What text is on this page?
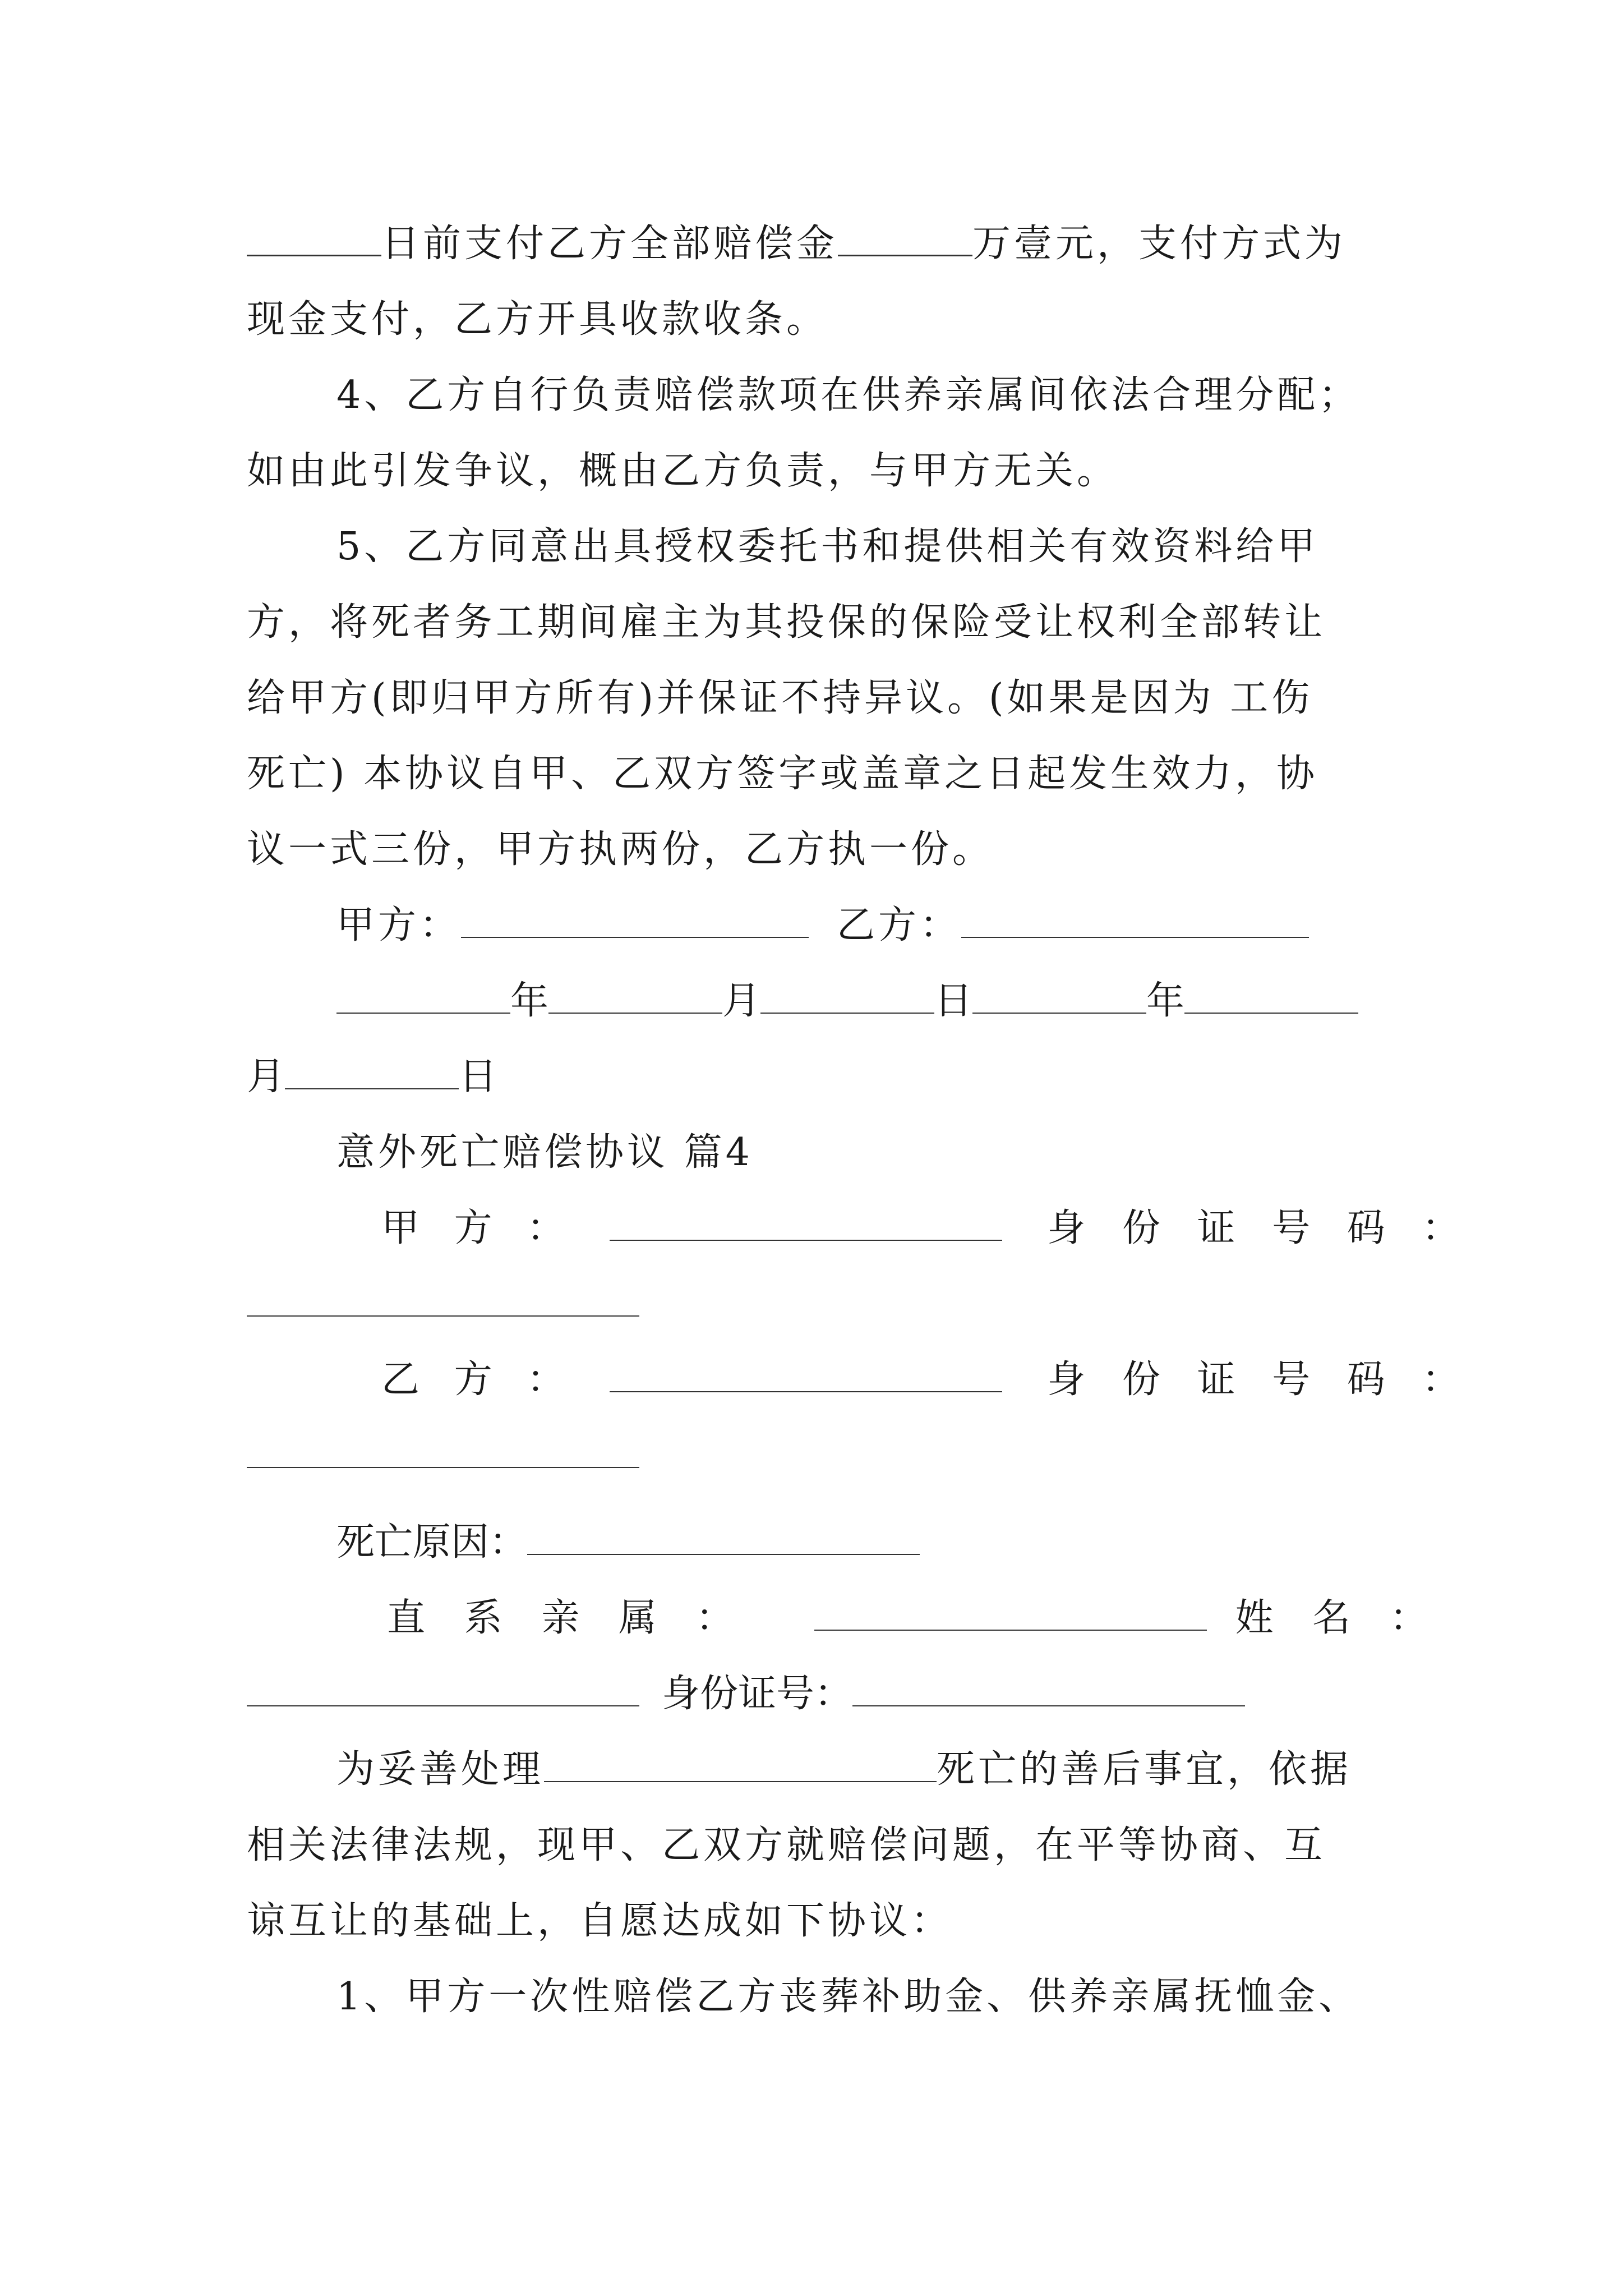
日前支付乙方全部赔偿金	万壹元，支付方式为
现金支付，乙方开具收款收条。
4、乙方自行负责赔偿款项在供养亲属间依法合理分配；
如由此引发争议，概由乙方负责，与甲方无关。
5、乙方同意出具授权委托书和提供相关有效资料给甲
方，将死者务工期间雇主为其投保的保险受让权利全部转让
给甲方(即归甲方所有)并保证不持异议。(如果是因为 工伤
死亡) 本协议自甲、乙双方签字或盖章之日起发生效力，协
议一式三份，甲方执两份，乙方执一份。
甲方：	乙方：
年	月	日	年
月	日
意外死亡赔偿协议 篇4
甲 方 ：	身 份 证 号 码 ：
乙 方 ：	身 份 证 号 码 ：
死亡原因：
直 系 亲 属 ：	姓 名 ：
身份证号：
为妥善处理	死亡的善后事宜，依据
相关法律法规，现甲、乙双方就赔偿问题，在平等协商、互
谅互让的基础上，自愿达成如下协议：
1、甲方一次性赔偿乙方丧葬补助金、供养亲属抚恤金、
